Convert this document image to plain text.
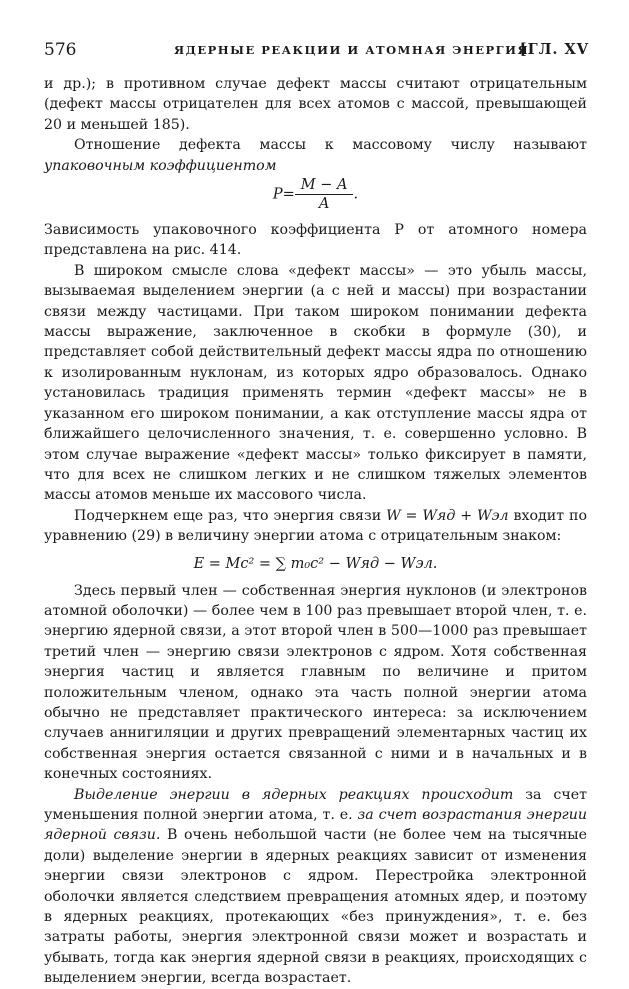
576	ЯДЕРНЫЕ РЕАКЦИИ И АТОМНАЯ ЭНЕРГИЯ
[ГЛ. XV

и др.); в противном случае дефект массы считают отрицательным (дефект массы отрицателен для всех атомов с массой, превышающей 20 и меньшей 185).

Отношение дефекта массы к массовому числу называют упаковочным коэффициентом

$P= \frac{M - A}{A}$ .

Зависимость упаковочного коэффициента P от атомного номера представлена на рис. 414.

В широком смысле слова «дефект массы» — это убыль массы, вызываемая выделением энергии (а с ней и массы) при возрастании связи между частицами. При таком широком понимании дефекта массы выражение, заключенное в скобки в формуле (30), и представляет собой действительный дефект массы ядра по отношению к изолированным нуклонам, из которых ядро образовалось. Однако установилась традиция применять термин «дефект массы» не в указанном его широком понимании, а как отступление массы ядра от ближайшего целочисленного значения, т. е. совершенно условно. В этом случае выражение «дефект массы» только фиксирует в памяти, что для всех не слишком легких и не слишком тяжелых элементов массы атомов меньше их массового числа.

Подчеркнем еще раз, что энергия связи W = Wяд + Wэл входит по уравнению (29) в величину энергии атома с отрицательным знаком:

E = Mc² = ∑ m₀c² − Wяд − Wэл.

Здесь первый член — собственная энергия нуклонов (и электронов атомной оболочки) — более чем в 100 раз превышает второй член, т. е. энергию ядерной связи, а этот второй член в 500—1000 раз превышает третий член — энергию связи электронов с ядром. Хотя собственная энергия частиц и является главным по величине и притом положительным членом, однако эта часть полной энергии атома обычно не представляет практического интереса: за исключением случаев аннигиляции и других превращений элементарных частиц их собственная энергия остается связанной с ними и в начальных и в конечных состояниях.

Выделение энергии в ядерных реакциях происходит за счет уменьшения полной энергии атома, т. е. за счет возрастания энергии ядерной связи. В очень небольшой части (не более чем на тысячные доли) выделение энергии в ядерных реакциях зависит от изменения энергии связи электронов с ядром. Перестройка электронной оболочки является следствием превращения атомных ядер, и поэтому в ядерных реакциях, протекающих «без принуждения», т. е. без затраты работы, энергия электронной связи может и возрастать и убывать, тогда как энергия ядерной связи в реакциях, происходящих с выделением энергии, всегда возрастает.
